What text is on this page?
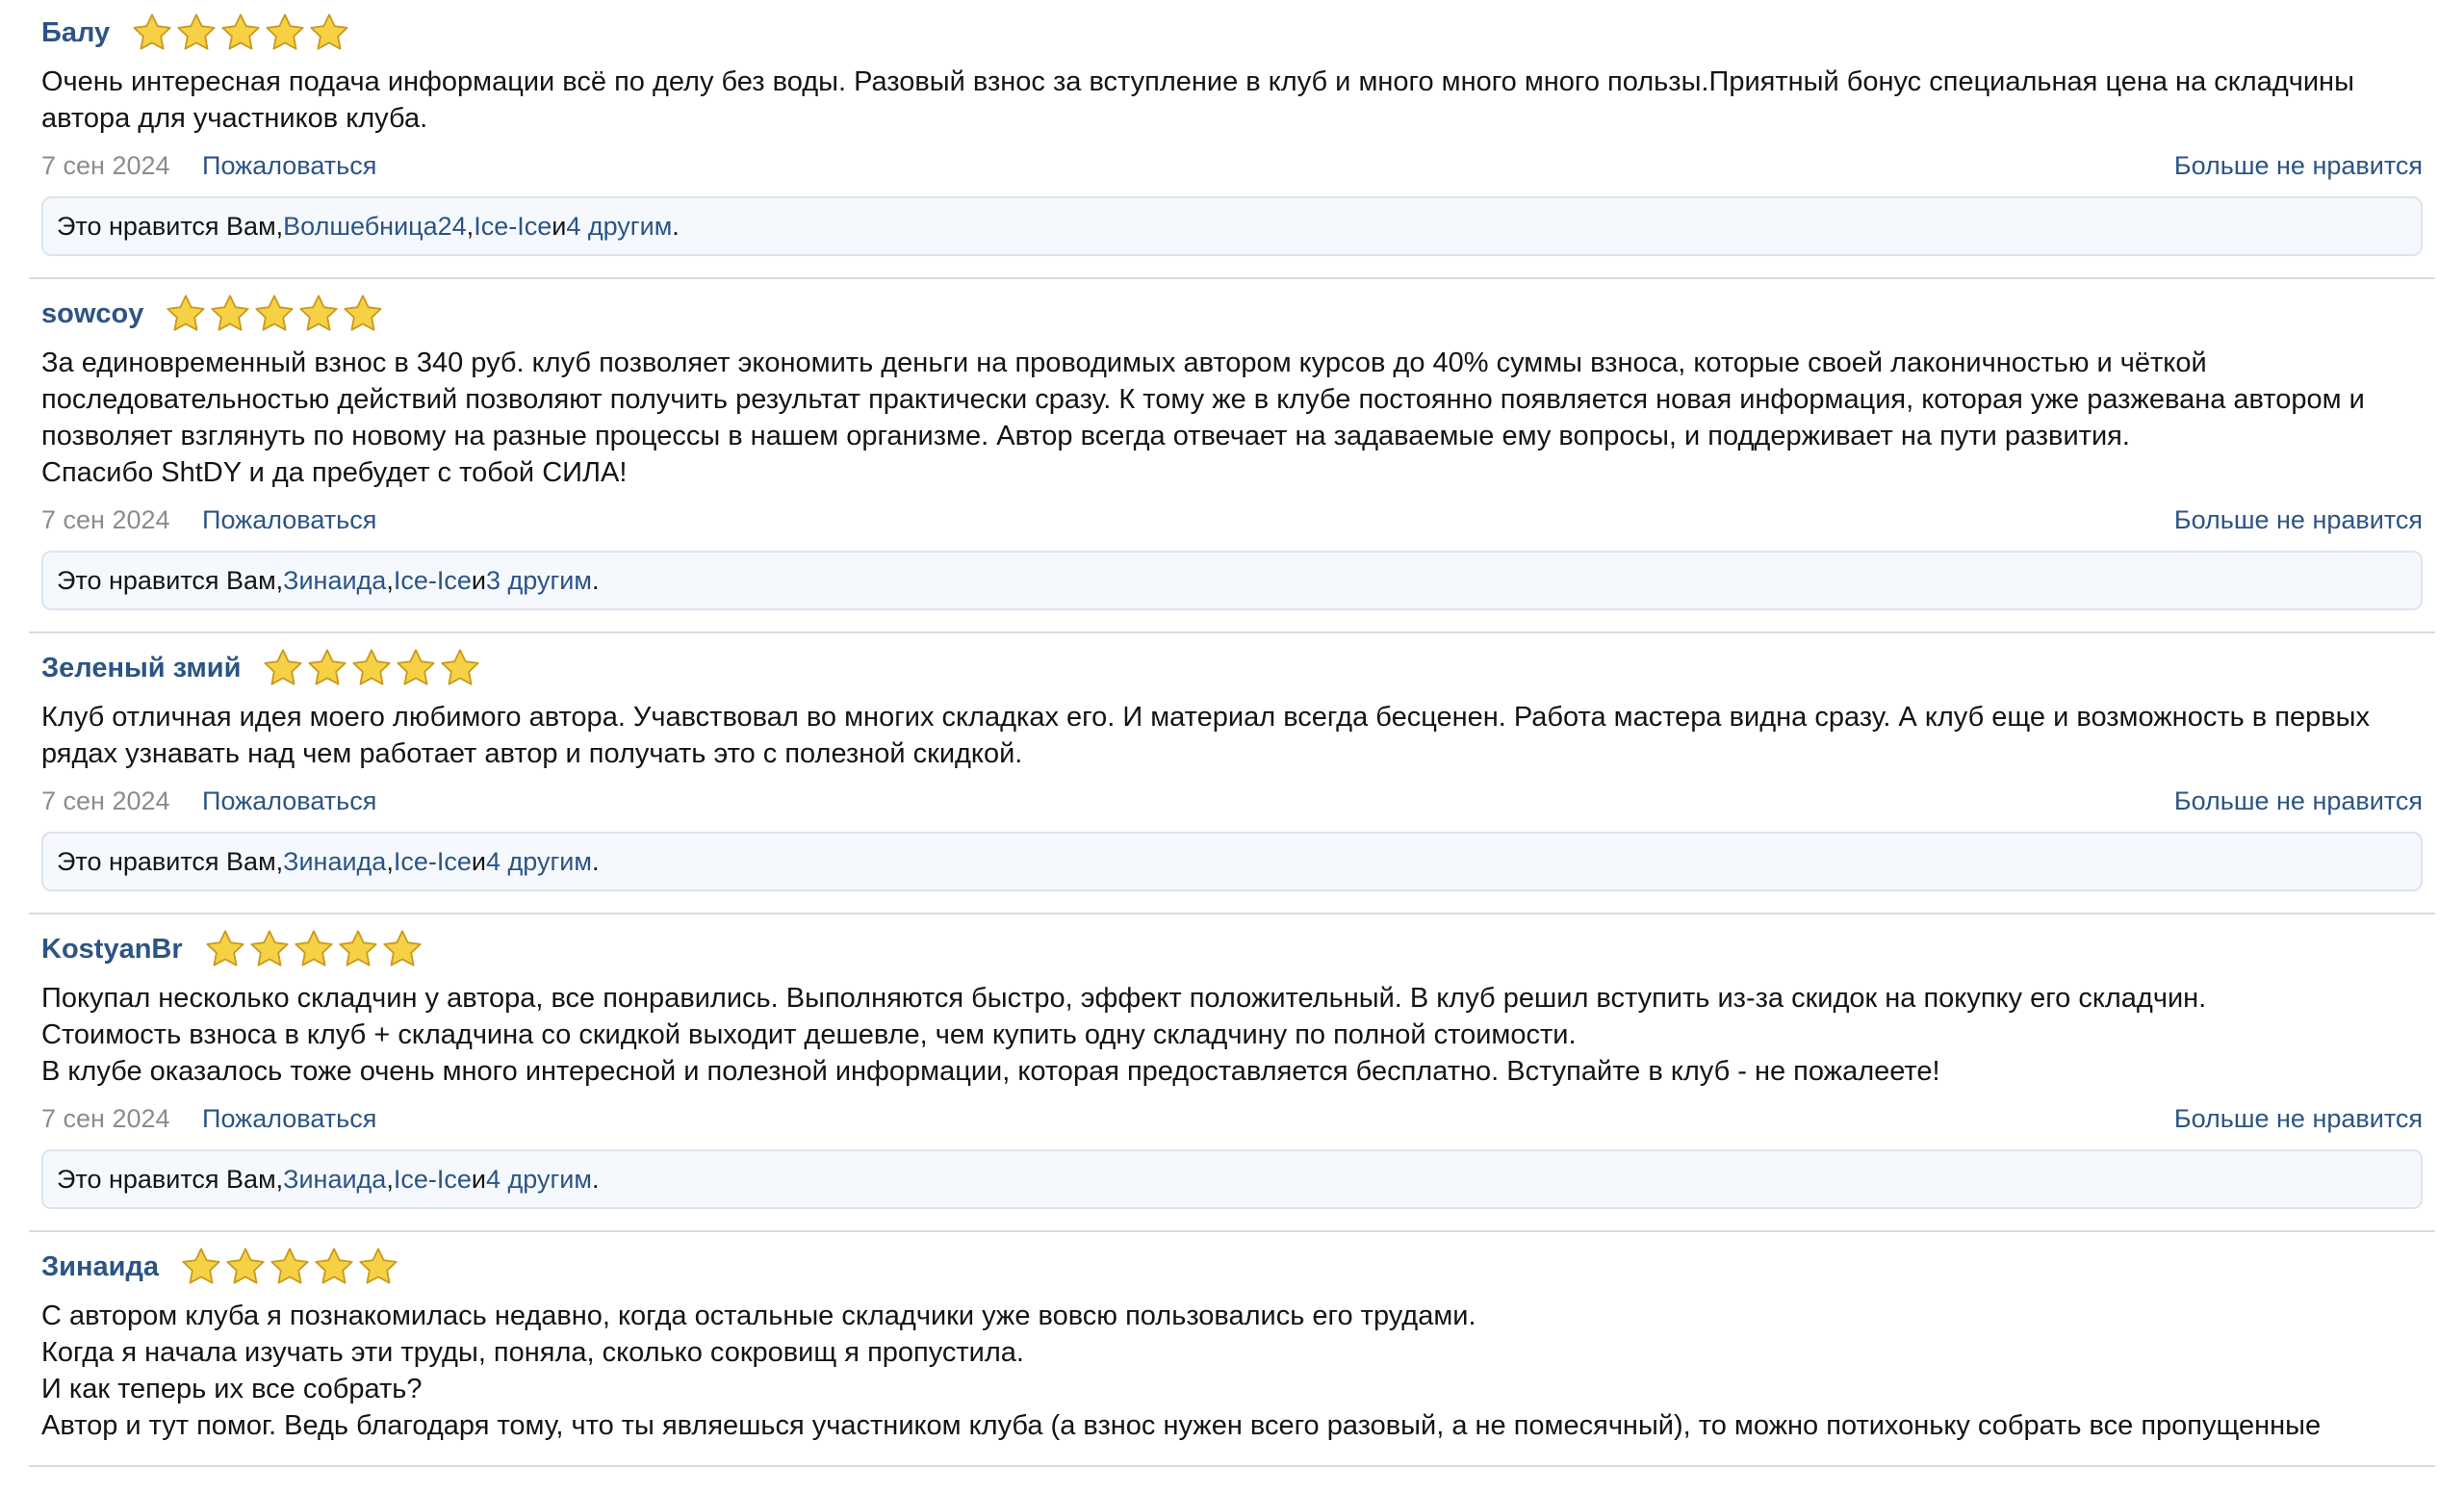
Балу
Очень интересная подача информации всё по делу без воды. Разовый взнос за вступление в клуб и много много много пользы.Приятный бонус специальная цена на складчины автора для участников клуба.
7 сен 2024 Пожаловаться	Больше не нравится
Это нравится Вам, Волшебница24 , Ice-Ice и 4 другим .
sowcoy
За единовременный взнос в 340 руб. клуб позволяет экономить деньги на проводимых автором курсов до 40% суммы взноса, которые своей лаконичностью и чёткой последовательностью действий позволяют получить результат практически сразу. К тому же в клубе постоянно появляется новая информация, которая уже разжевана автором и позволяет взглянуть по новому на разные процессы в нашем организме. Автор всегда отвечает на задаваемые ему вопросы, и поддерживает на пути развития.
Спасибо ShtDY и да пребудет с тобой СИЛА!
7 сен 2024 Пожаловаться	Больше не нравится
Это нравится Вам, Зинаида , Ice-Ice и 3 другим .
Зеленый змий
Клуб отличная идея моего любимого автора. Учавствовал во многих складках его. И материал всегда бесценен. Работа мастера видна сразу. А клуб еще и возможность в первых рядах узнавать над чем работает автор и получать это с полезной скидкой.
7 сен 2024 Пожаловаться	Больше не нравится
Это нравится Вам, Зинаида , Ice-Ice и 4 другим .
KostyanBr
Покупал несколько складчин у автора, все понравились. Выполняются быстро, эффект положительный. В клуб решил вступить из-за скидок на покупку его складчин.
Стоимость взноса в клуб + складчина со скидкой выходит дешевле, чем купить одну складчину по полной стоимости.
В клубе оказалось тоже очень много интересной и полезной информации, которая предоставляется бесплатно. Вступайте в клуб - не пожалеете!
7 сен 2024 Пожаловаться	Больше не нравится
Это нравится Вам, Зинаида , Ice-Ice и 4 другим .
Зинаида
С автором клуба я познакомилась недавно, когда остальные складчики уже вовсю пользовались его трудами.
Когда я начала изучать эти труды, поняла, сколько сокровищ я пропустила.
И как теперь их все собрать?
Автор и тут помог. Ведь благодаря тому, что ты являешься участником клуба (а взнос нужен всего разовый, а не помесячный), то можно потихоньку собрать все пропущенные
